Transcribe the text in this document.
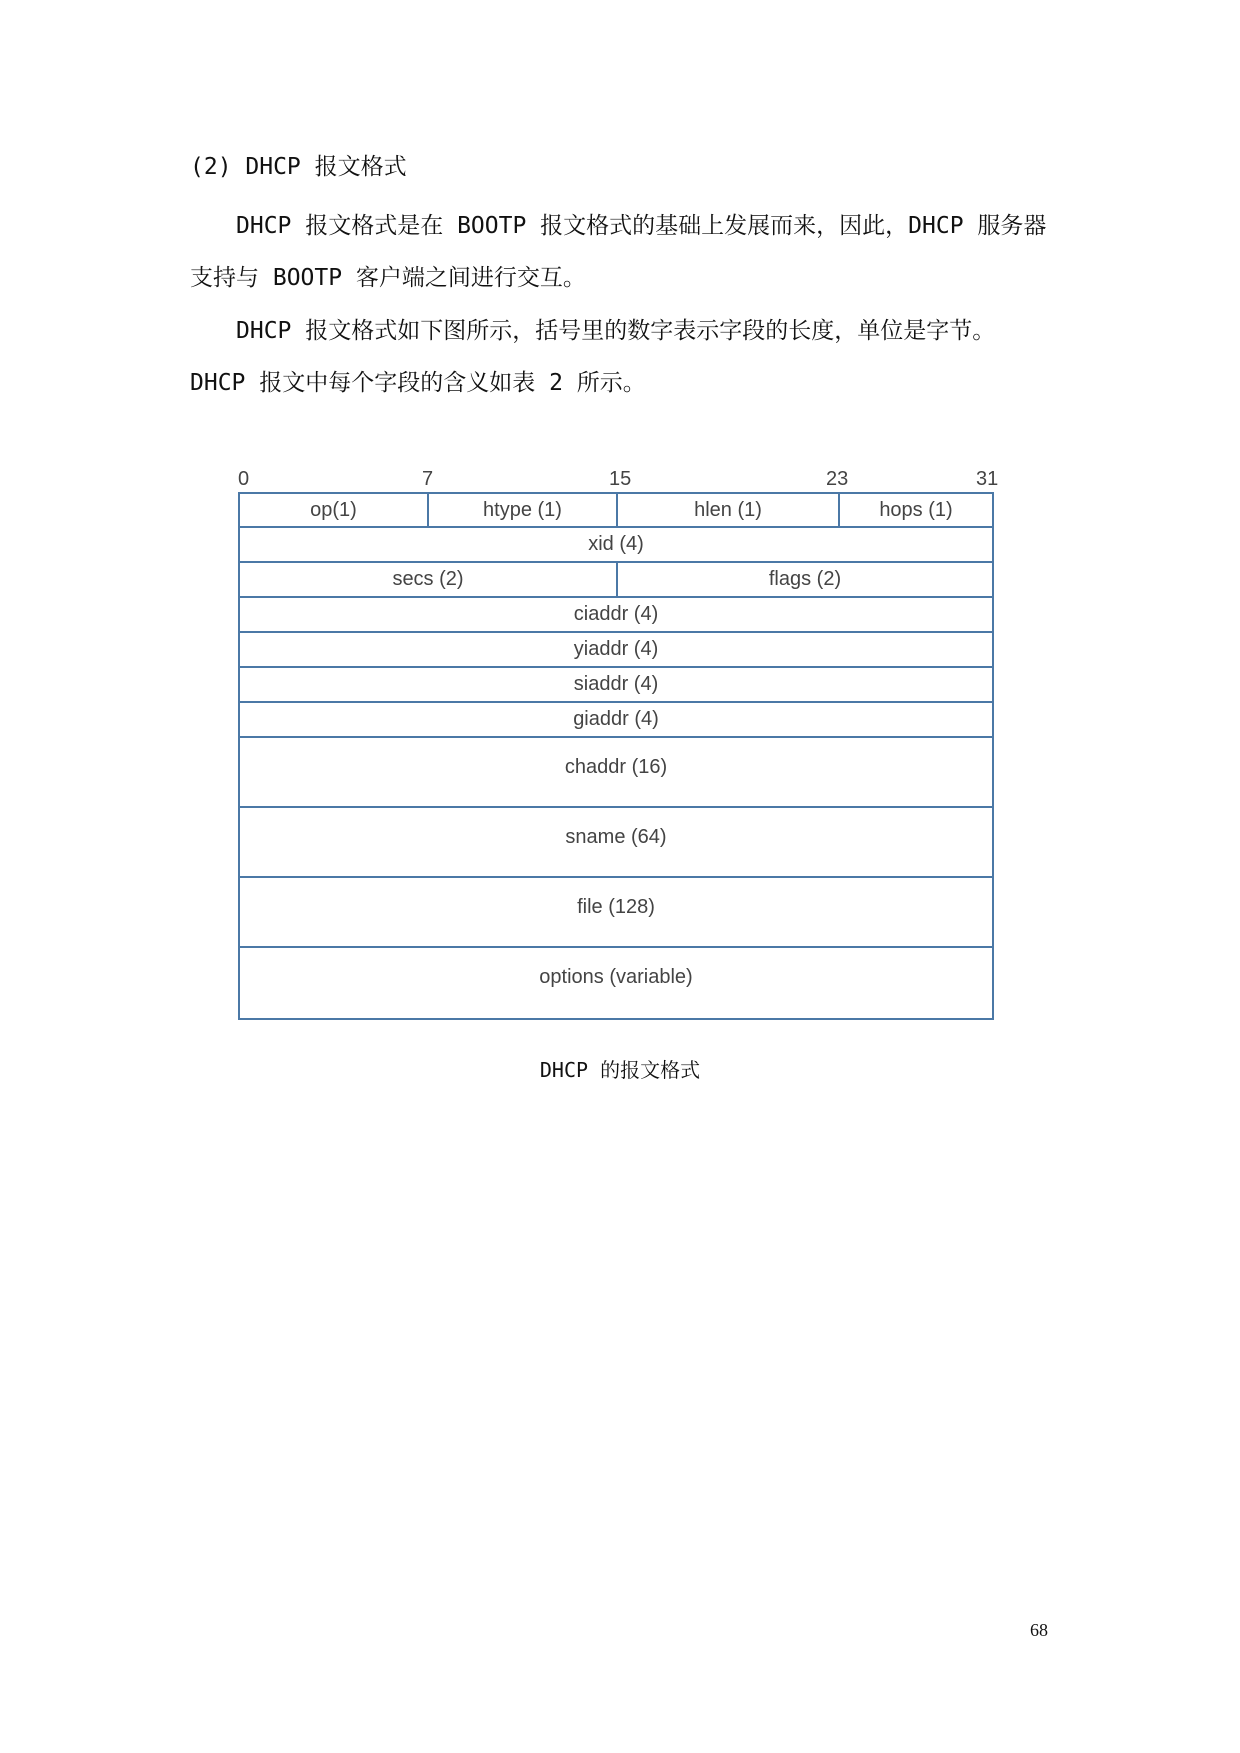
(2) DHCP 报文格式
DHCP 报文格式是在 BOOTP 报文格式的基础上发展而来，因此，DHCP 服务器
支持与 BOOTP 客户端之间进行交互。
DHCP 报文格式如下图所示，括号里的数字表示字段的长度，单位是字节。
DHCP 报文中每个字段的含义如表 2 所示。
0	7	15	23	31
op(1)	htype (1)	hlen (1)	hops (1)
xid (4)
secs (2)	flags (2)
ciaddr (4)
yiaddr (4)
siaddr (4)
giaddr (4)
chaddr (16)
sname (64)
file (128)
options (variable)
DHCP 的报文格式
68
